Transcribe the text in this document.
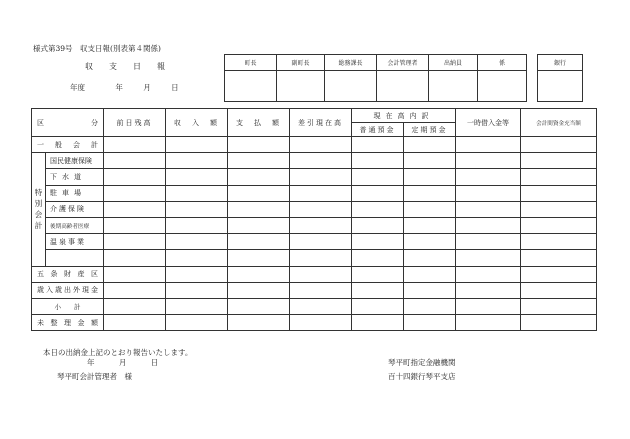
様式第39号　収支日報(別表第４関係)
収　支　日　報
年度	年	月	日
町長	副町長	総務課長	会計管理者	出納員	係
						銀行

区　　　分		前日残高	収　入　額	支　払　額	差引現在高	現在高内訳		一時借入金等	会計間資金充当額
						普通預金	定期預金		
一般会計									

特
別
会
計	国民健康保険								
	下水道								
	駐車場								
	介護保険								
	後期高齢者医療								
	温泉事業								

五条財産区									
歳入歳出外現金									
小　　計									
未整理金額									
本日の出納金上記のとおり報告いたします。
年	月	日
琴平町会計管理者　様
琴平町指定金融機関
百十四銀行琴平支店
